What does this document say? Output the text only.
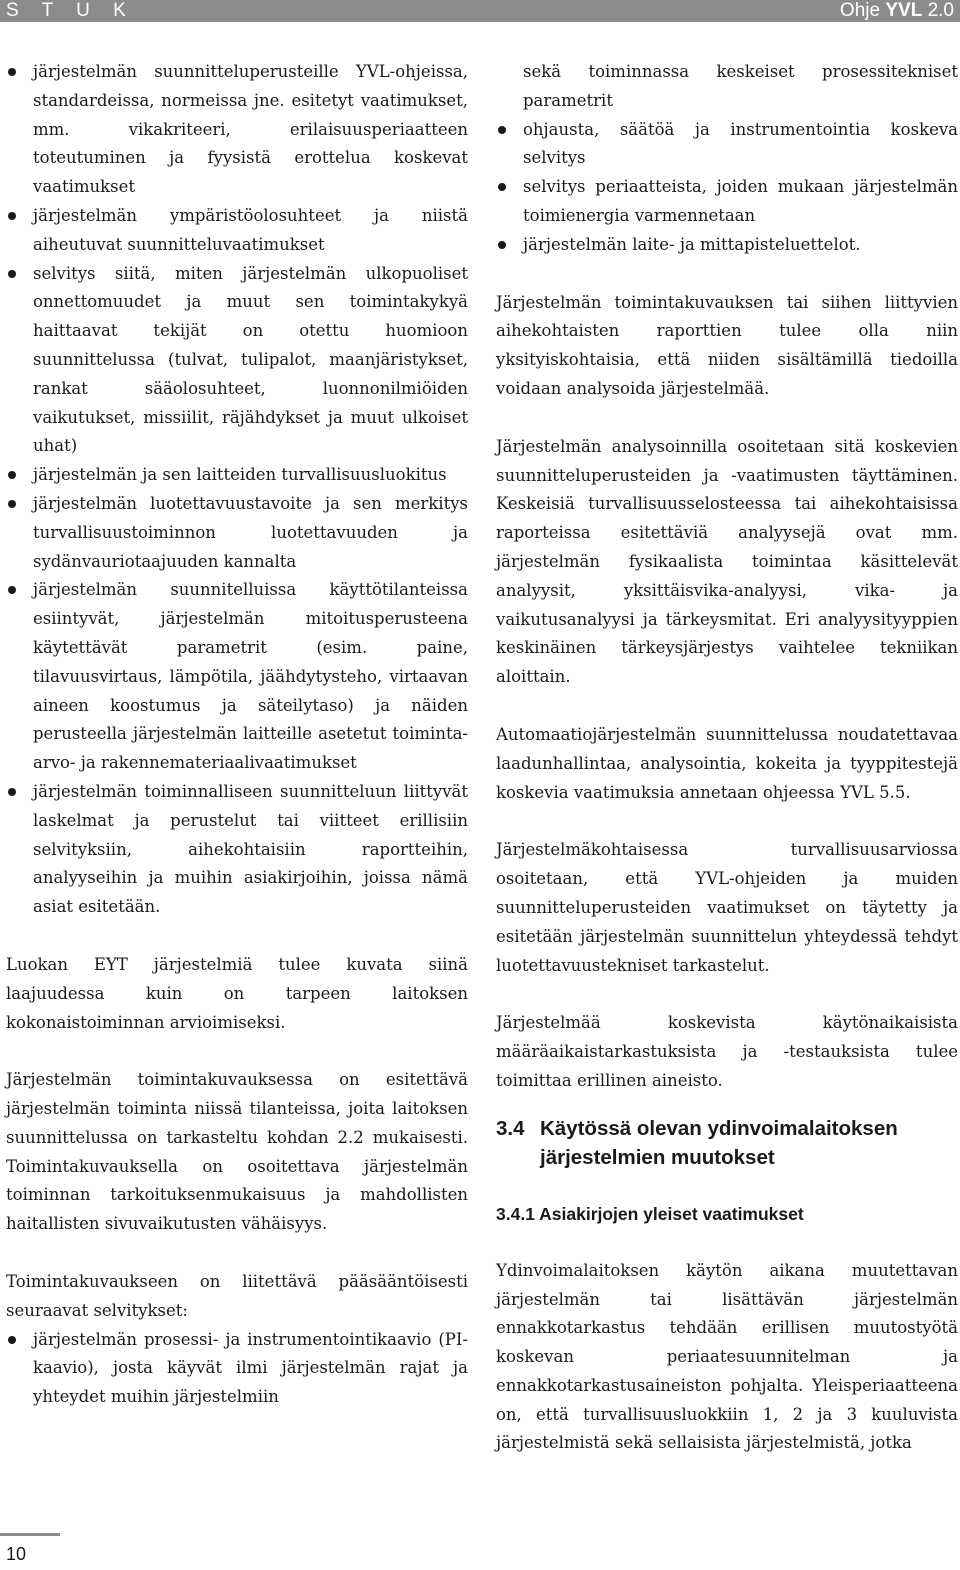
S T U K	Ohje YVL 2.0
järjestelmän suunnitteluperusteille YVL-ohjeissa, standardeissa, normeissa jne. esitetyt vaatimukset, mm. vikakriteeri, erilaisuusperiaatteen toteutuminen ja fyysistä erottelua koskevat vaatimukset
järjestelmän ympäristöolosuhteet ja niistä aiheutuvat suunnitteluvaatimukset
selvitys siitä, miten järjestelmän ulkopuoliset onnettomuudet ja muut sen toimintakykyä haittaavat tekijät on otettu huomioon suunnittelussa (tulvat, tulipalot, maanjäristykset, rankat sääolosuhteet, luonnonilmiöiden vaikutukset, missiilit, räjähdykset ja muut ulkoiset uhat)
järjestelmän ja sen laitteiden turvallisuusluokitus
järjestelmän luotettavuustavoite ja sen merkitys turvallisuustoiminnon luotettavuuden ja sydänvauriotaajuuden kannalta
järjestelmän suunnitelluissa käyttötilanteissa esiintyvät, järjestelmän mitoitusperusteena käytettävät parametrit (esim. paine, tilavuusvirtaus, lämpötila, jäähdytysteho, virtaavan aineen koostumus ja säteilytaso) ja näiden perusteella järjestelmän laitteille asetetut toiminta-arvo- ja rakennemateriaalivaatimukset
järjestelmän toiminnalliseen suunnitteluun liittyvät laskelmat ja perustelut tai viitteet erillisiin selvityksiin, aihekohtaisiin raportteihin, analyyseihin ja muihin asiakirjoihin, joissa nämä asiat esitetään.

Luokan EYT järjestelmiä tulee kuvata siinä laajuudessa kuin on tarpeen laitoksen kokonaistoiminnan arvioimiseksi.

Järjestelmän toimintakuvauksessa on esitettävä järjestelmän toiminta niissä tilanteissa, joita laitoksen suunnittelussa on tarkasteltu kohdan 2.2 mukaisesti. Toimintakuvauksella on osoitettava järjestelmän toiminnan tarkoituksenmukaisuus ja mahdollisten haitallisten sivuvaikutusten vähäisyys.

Toimintakuvaukseen on liitettävä pääsääntöisesti seuraavat selvitykset:

järjestelmän prosessi- ja instrumentointikaavio (PI-kaavio), josta käyvät ilmi järjestelmän rajat ja yhteydet muihin järjestelmiin

sekä toiminnassa keskeiset prosessitekniset parametrit

ohjausta, säätöä ja instrumentointia koskeva selvitys
selvitys periaatteista, joiden mukaan järjestelmän toimienergia varmennetaan
järjestelmän laite- ja mittapisteluettelot.

Järjestelmän toimintakuvauksen tai siihen liittyvien aihekohtaisten raporttien tulee olla niin yksityiskohtaisia, että niiden sisältämillä tiedoilla voidaan analysoida järjestelmää.

Järjestelmän analysoinnilla osoitetaan sitä koskevien suunnitteluperusteiden ja -vaatimusten täyttäminen. Keskeisiä turvallisuusselosteessa tai aihekohtaisissa raporteissa esitettäviä analyysejä ovat mm. järjestelmän fysikaalista toimintaa käsittelevät analyysit, yksittäisvika-analyysi, vika- ja vaikutusanalyysi ja tärkeysmitat. Eri analyysityyppien keskinäinen tärkeysjärjestys vaihtelee tekniikan aloittain.

Automaatiojärjestelmän suunnittelussa noudatettavaa laadunhallintaa, analysointia, kokeita ja tyyppitestejä koskevia vaatimuksia annetaan ohjeessa YVL 5.5.

Järjestelmäkohtaisessa turvallisuusarviossa osoitetaan, että YVL-ohjeiden ja muiden suunnitteluperusteiden vaatimukset on täytetty ja esitetään järjestelmän suunnittelun yhteydessä tehdyt luotettavuustekniset tarkastelut.

Järjestelmää koskevista käytönaikaisista määräaikaistarkastuksista ja -testauksista tulee toimittaa erillinen aineisto.

3.4 Käytössä olevan ydinvoimalaitoksen järjestelmien muutokset
3.4.1 Asiakirjojen yleiset vaatimukset

Ydinvoimalaitoksen käytön aikana muutettavan järjestelmän tai lisättävän järjestelmän ennakkotarkastus tehdään erillisen muutostyötä koskevan periaatesuunnitelman ja ennakkotarkastusaineiston pohjalta. Yleisperiaatteena on, että turvallisuusluokkiin 1, 2 ja 3 kuuluvista järjestelmistä sekä sellaisista järjestelmistä, jotka

10
